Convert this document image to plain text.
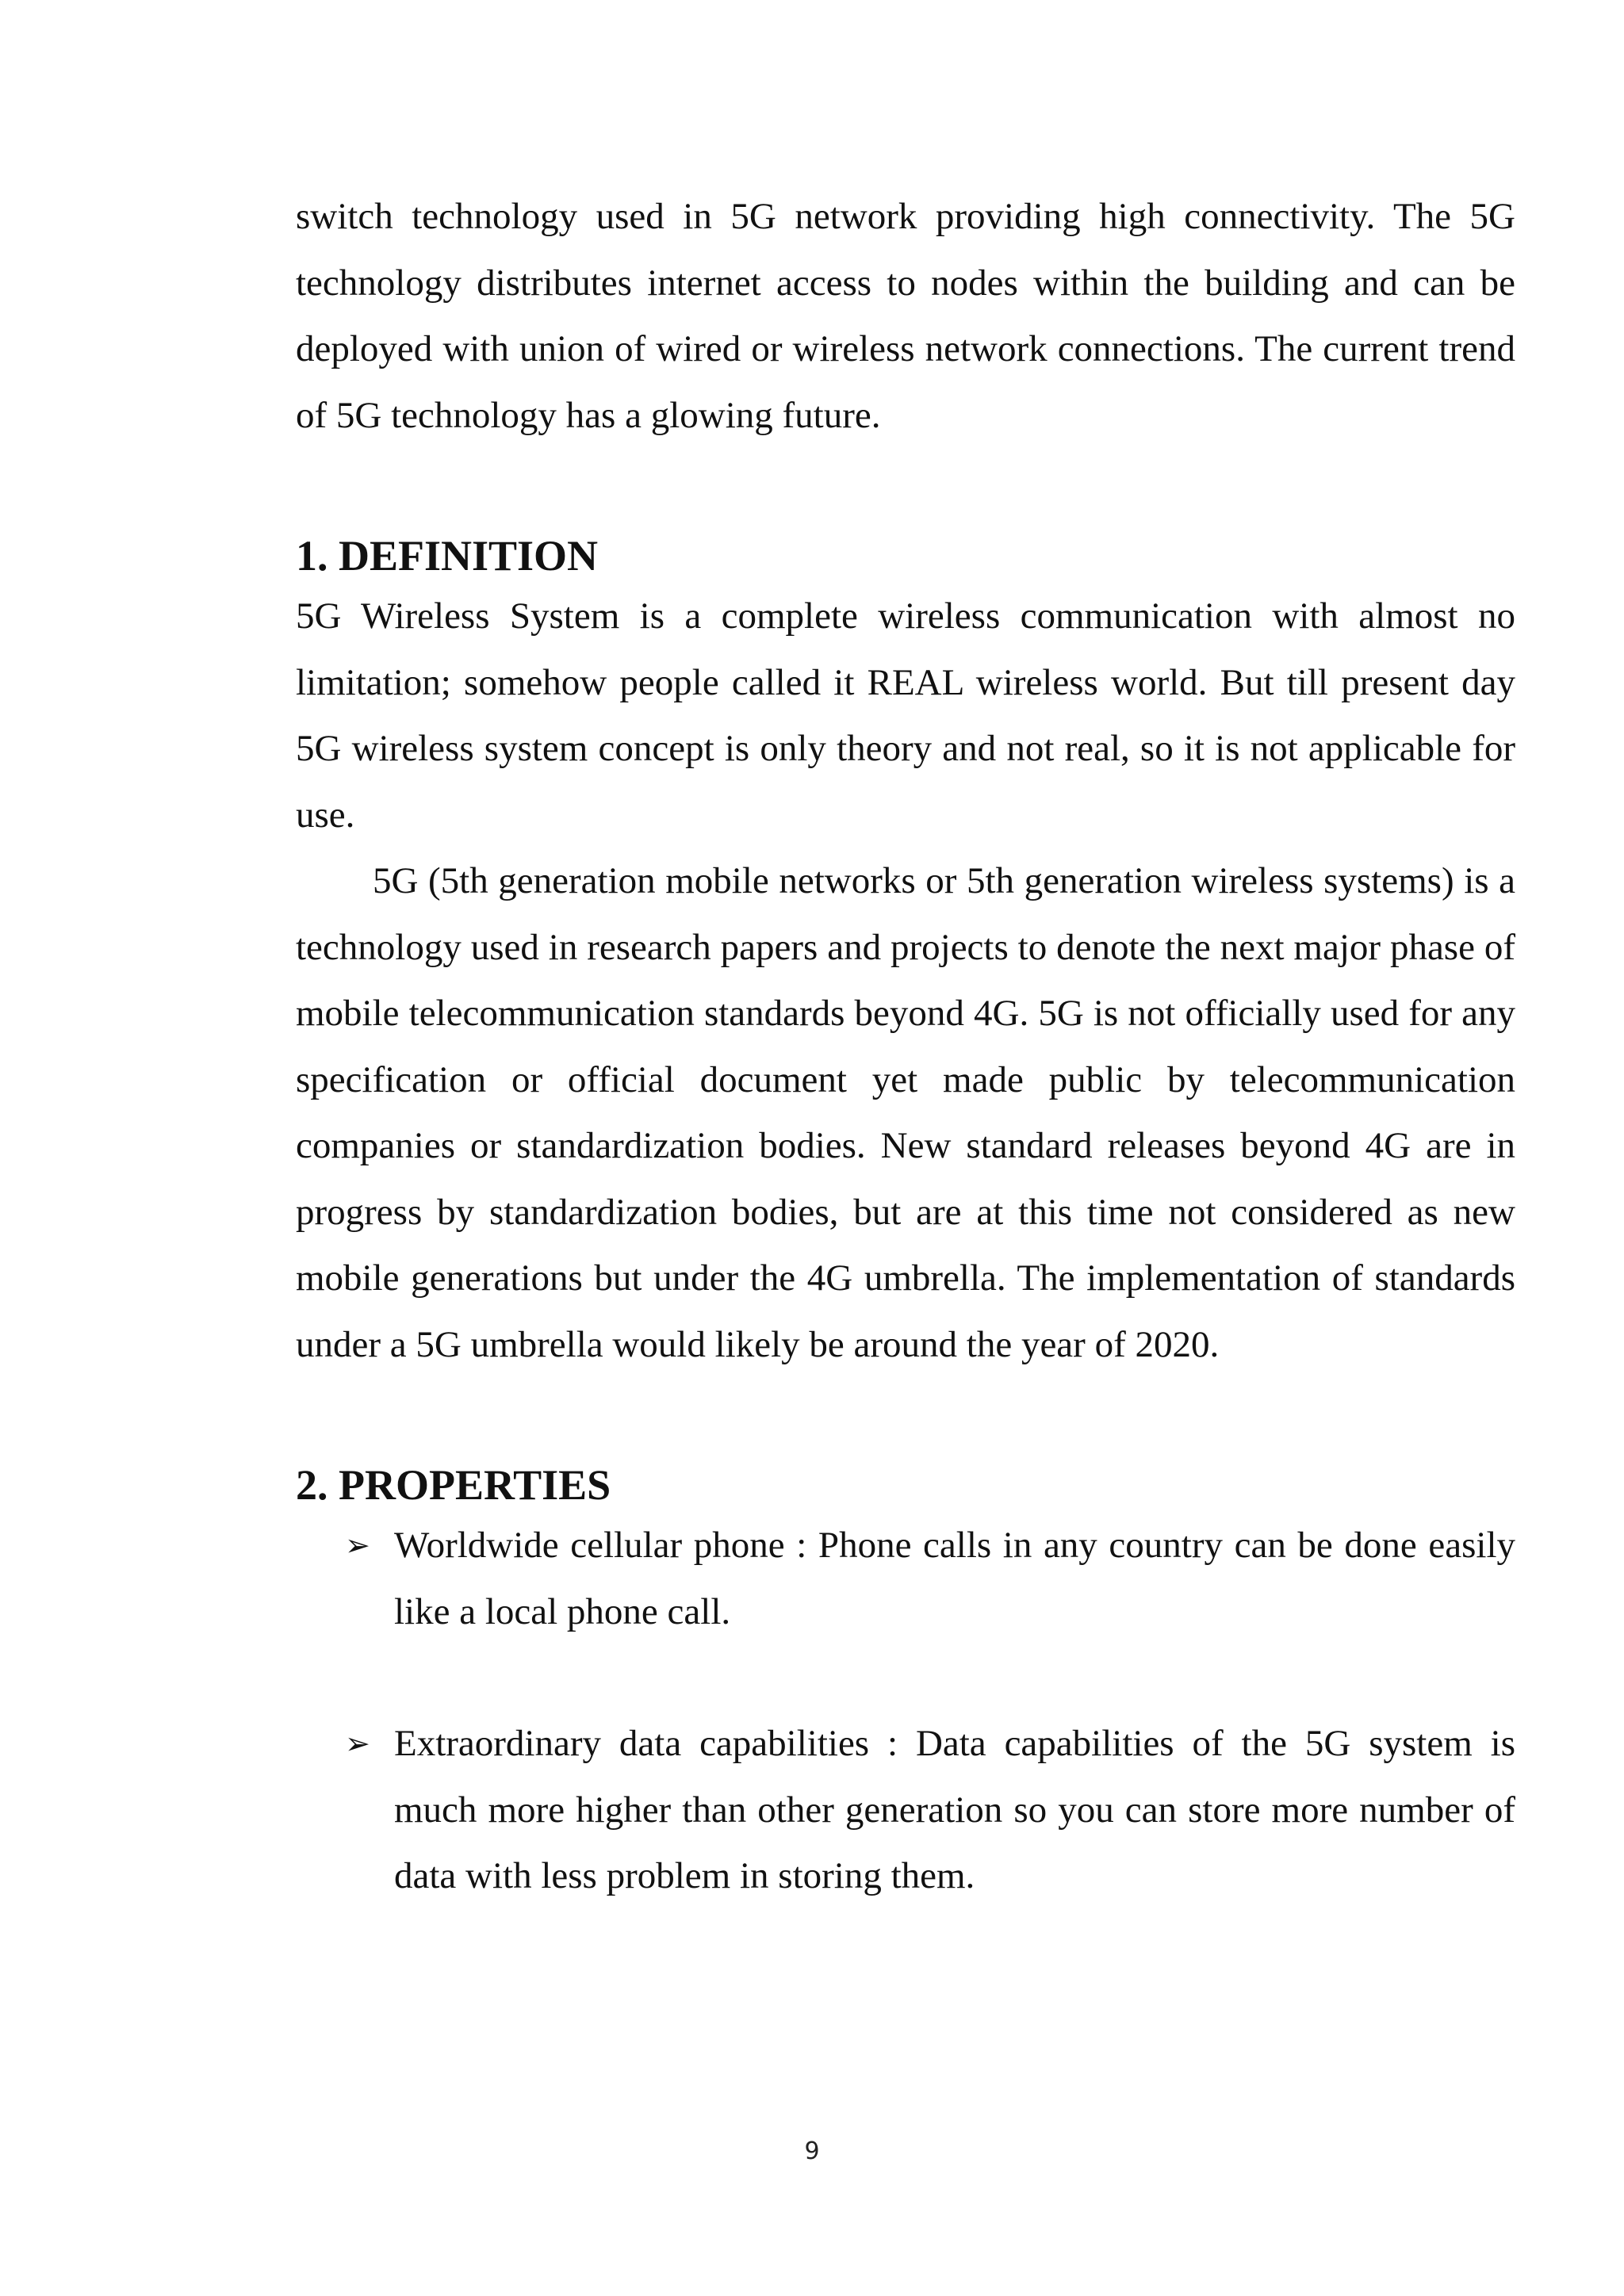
switch technology used in 5G network providing high connectivity. The 5G technology distributes internet access to nodes within the building and can be deployed with union of wired or wireless network connections. The current trend of 5G technology has a glowing future.

1. DEFINITION

5G Wireless System is a complete wireless communication with almost no limitation; somehow people called it REAL wireless world. But till present day 5G wireless system concept is only theory and not real, so it is not applicable for use.

5G (5th generation mobile networks or 5th generation wireless systems) is a technology used in research papers and projects to denote the next major phase of mobile telecommunication standards beyond 4G. 5G is not officially used for any specification or official document yet made public by telecommunication companies or standardization bodies. New standard releases beyond 4G are in progress by standardization bodies, but are at this time not considered as new mobile generations but under the 4G umbrella. The implementation of standards under a 5G umbrella would likely be around the year of 2020.

2. PROPERTIES
➢ Worldwide cellular phone : Phone calls in any country can be done easily like a local phone call.
➢ Extraordinary data capabilities : Data capabilities of the 5G system is much more higher than other generation so you can store more number of data with less problem in storing them.
9
